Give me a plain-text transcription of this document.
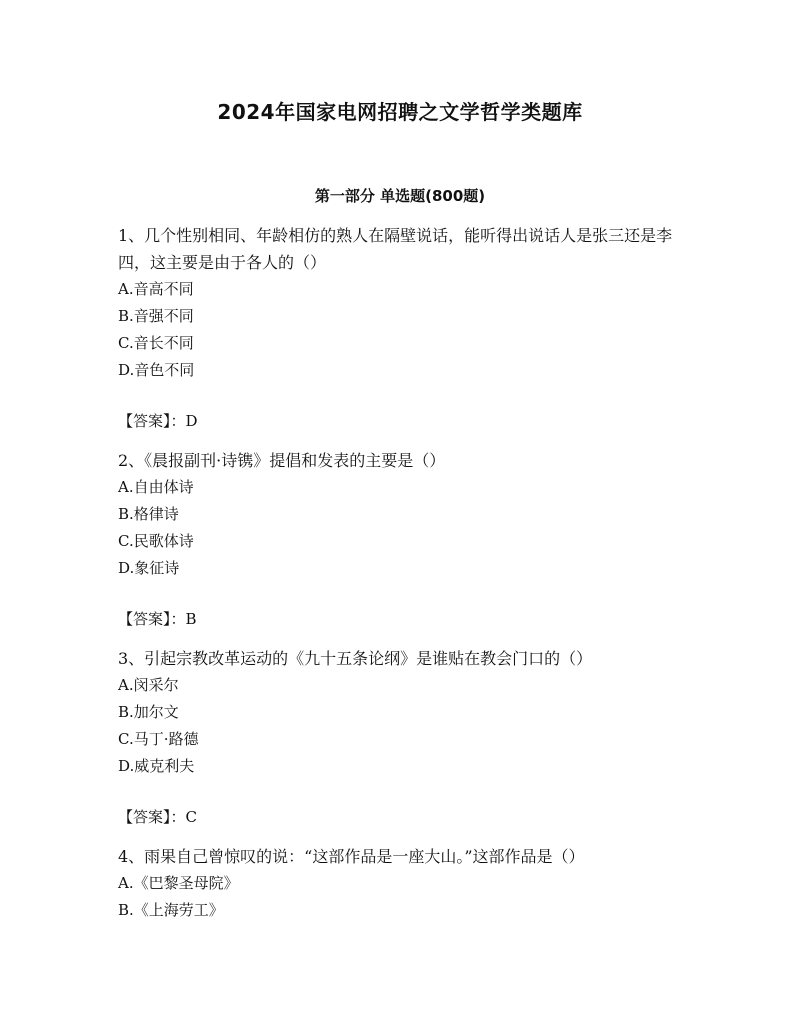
2024年国家电网招聘之文学哲学类题库
第一部分 单选题(800题)

1、几个性别相同、年龄相仿的熟人在隔壁说话，能听得出说话人是张三还是李四，这主要是由于各人的（）

A.音高不同

B.音强不同

C.音长不同

D.音色不同

【答案】：D

2、《晨报副刊·诗镌》提倡和发表的主要是（）

A.自由体诗

B.格律诗

C.民歌体诗

D.象征诗

【答案】：B

3、引起宗教改革运动的《九十五条论纲》是谁贴在教会门口的（）

A.闵采尔

B.加尔文

C.马丁·路德

D.威克利夫

【答案】：C

4、雨果自己曾惊叹的说：“这部作品是一座大山。”这部作品是（）

A.《巴黎圣母院》

B.《上海劳工》
